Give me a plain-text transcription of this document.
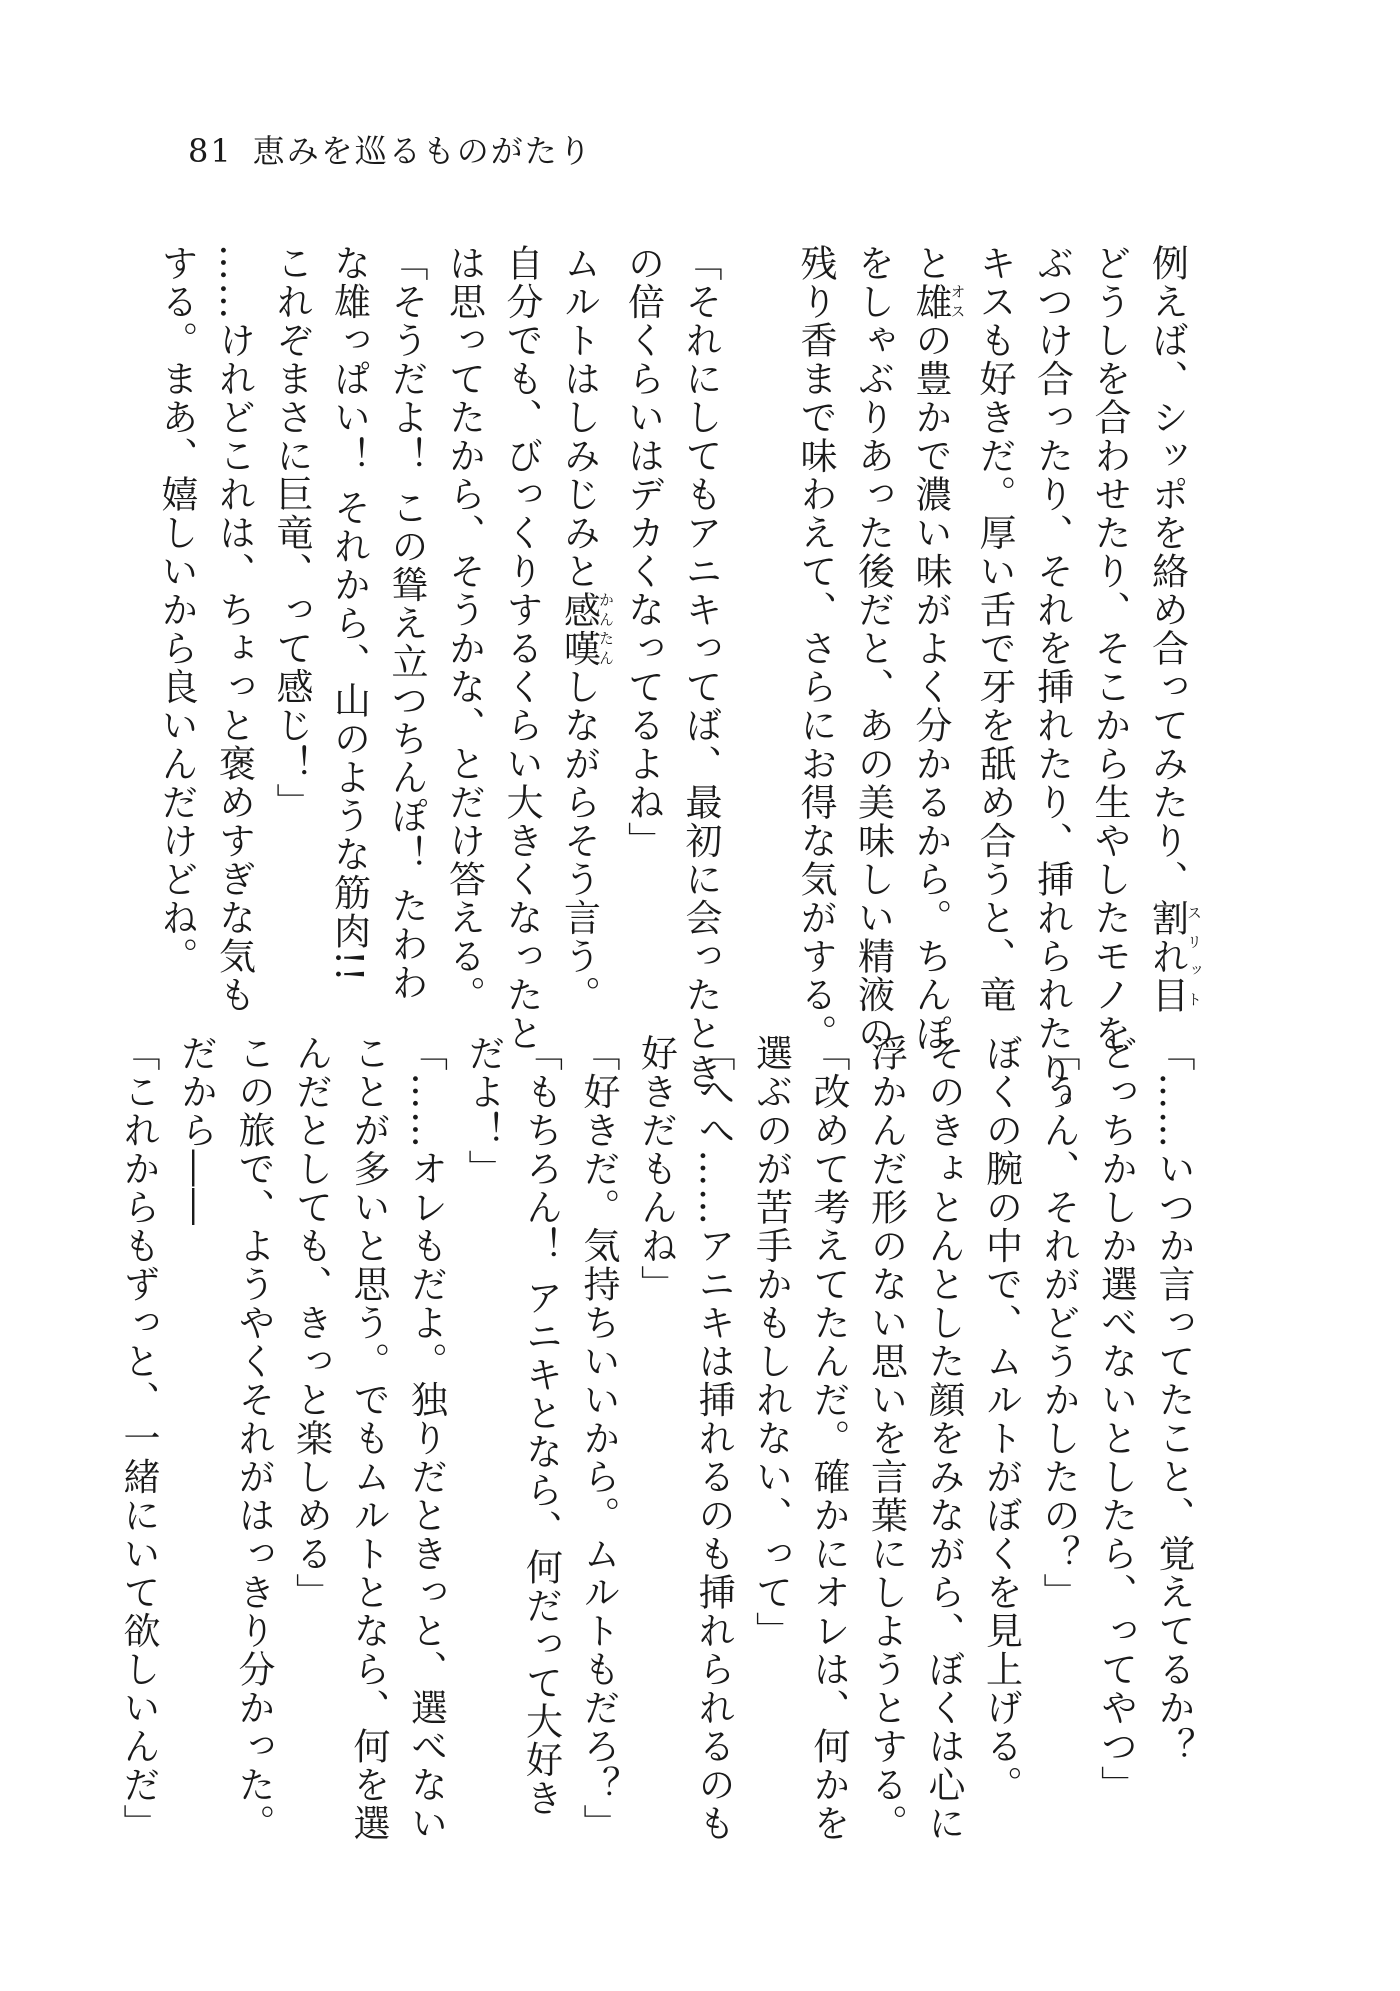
81 恵みを巡るものがたり
例えば、シッポを絡め合ってみたり、割れ目スリット
どうしを合わせたり、そこから生やしたモノを
ぶつけ合ったり、それを挿れたり、挿れられたり。
キスも好きだ。厚い舌で牙を舐め合うと、竜
と雄オスの豊かで濃い味がよく分かるから。ちんぽ
をしゃぶりあった後だと、あの美味しい精液の
残り香まで味わえて、さらにお得な気がする。
「それにしてもアニキってば、最初に会ったとき
の倍くらいはデカくなってるよね」
ムルトはしみじみと感嘆かんたんしながらそう言う。
自分でも、びっくりするくらい大きくなったと
は思ってたから、そうかな、とだけ答える。
「そうだよ！ この聳え立つちんぽ！ たわわ
な雄っぱい！ それから、山のような筋肉!!
これぞまさに巨竜、って感じ！」
……けれどこれは、ちょっと褒めすぎな気も
する。まあ、嬉しいから良いんだけどね。
「……いつか言ってたこと、覚えてるか？
どっちかしか選べないとしたら、ってやつ」
「うん、それがどうかしたの？」
ぼくの腕の中で、ムルトがぼくを見上げる。
そのきょとんとした顔をみながら、ぼくは心に
浮かんだ形のない思いを言葉にしようとする。
「改めて考えてたんだ。確かにオレは、何かを
選ぶのが苦手かもしれない、って」
「へへ……アニキは挿れるのも挿れられるのも
好きだもんね」
「好きだ。気持ちいいから。ムルトもだろ？」
「もちろん！ アニキとなら、何だって大好き
だよ！」
「……オレもだよ。独りだときっと、選べない
ことが多いと思う。でもムルトとなら、何を選
んだとしても、きっと楽しめる」
この旅で、ようやくそれがはっきり分かった。
だから――
「これからもずっと、一緒にいて欲しいんだ」
